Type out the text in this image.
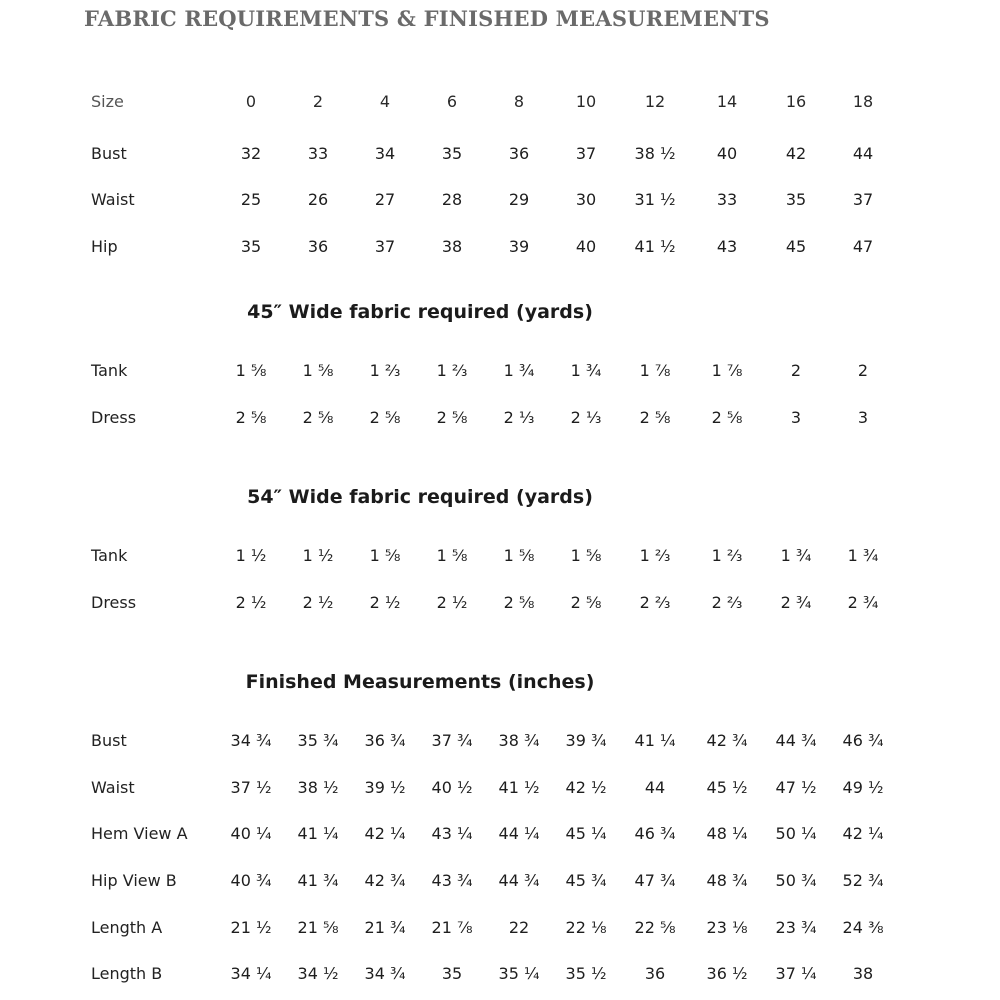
FABRIC REQUIREMENTS & FINISHED MEASUREMENTS
Size	0	2	4	6	8	10	12	14	16	18
Bust	32	33	34	35	36	37	38 ½	40	42	44
Waist	25	26	27	28	29	30	31 ½	33	35	37
Hip	35	36	37	38	39	40	41 ½	43	45	47
45″ Wide fabric required (yards)
Tank	1 ⅝	1 ⅝	1 ⅔	1 ⅔	1 ¾	1 ¾	1 ⅞	1 ⅞	2	2
Dress	2 ⅝	2 ⅝	2 ⅝	2 ⅝	2 ⅓	2 ⅓	2 ⅝	2 ⅝	3	3
54″ Wide fabric required (yards)
Tank	1 ½	1 ½	1 ⅝	1 ⅝	1 ⅝	1 ⅝	1 ⅔	1 ⅔	1 ¾	1 ¾
Dress	2 ½	2 ½	2 ½	2 ½	2 ⅝	2 ⅝	2 ⅔	2 ⅔	2 ¾	2 ¾
Finished Measurements (inches)
Bust	34 ¾	35 ¾	36 ¾	37 ¾	38 ¾	39 ¾	41 ¼	42 ¾	44 ¾	46 ¾
Waist	37 ½	38 ½	39 ½	40 ½	41 ½	42 ½	44	45 ½	47 ½	49 ½
Hem View A	40 ¼	41 ¼	42 ¼	43 ¼	44 ¼	45 ¼	46 ¾	48 ¼	50 ¼	42 ¼
Hip View B	40 ¾	41 ¾	42 ¾	43 ¾	44 ¾	45 ¾	47 ¾	48 ¾	50 ¾	52 ¾
Length A	21 ½	21 ⅝	21 ¾	21 ⅞	22	22 ⅛	22 ⅝	23 ⅛	23 ¾	24 ⅜
Length B	34 ¼	34 ½	34 ¾	35	35 ¼	35 ½	36	36 ½	37 ¼	38
